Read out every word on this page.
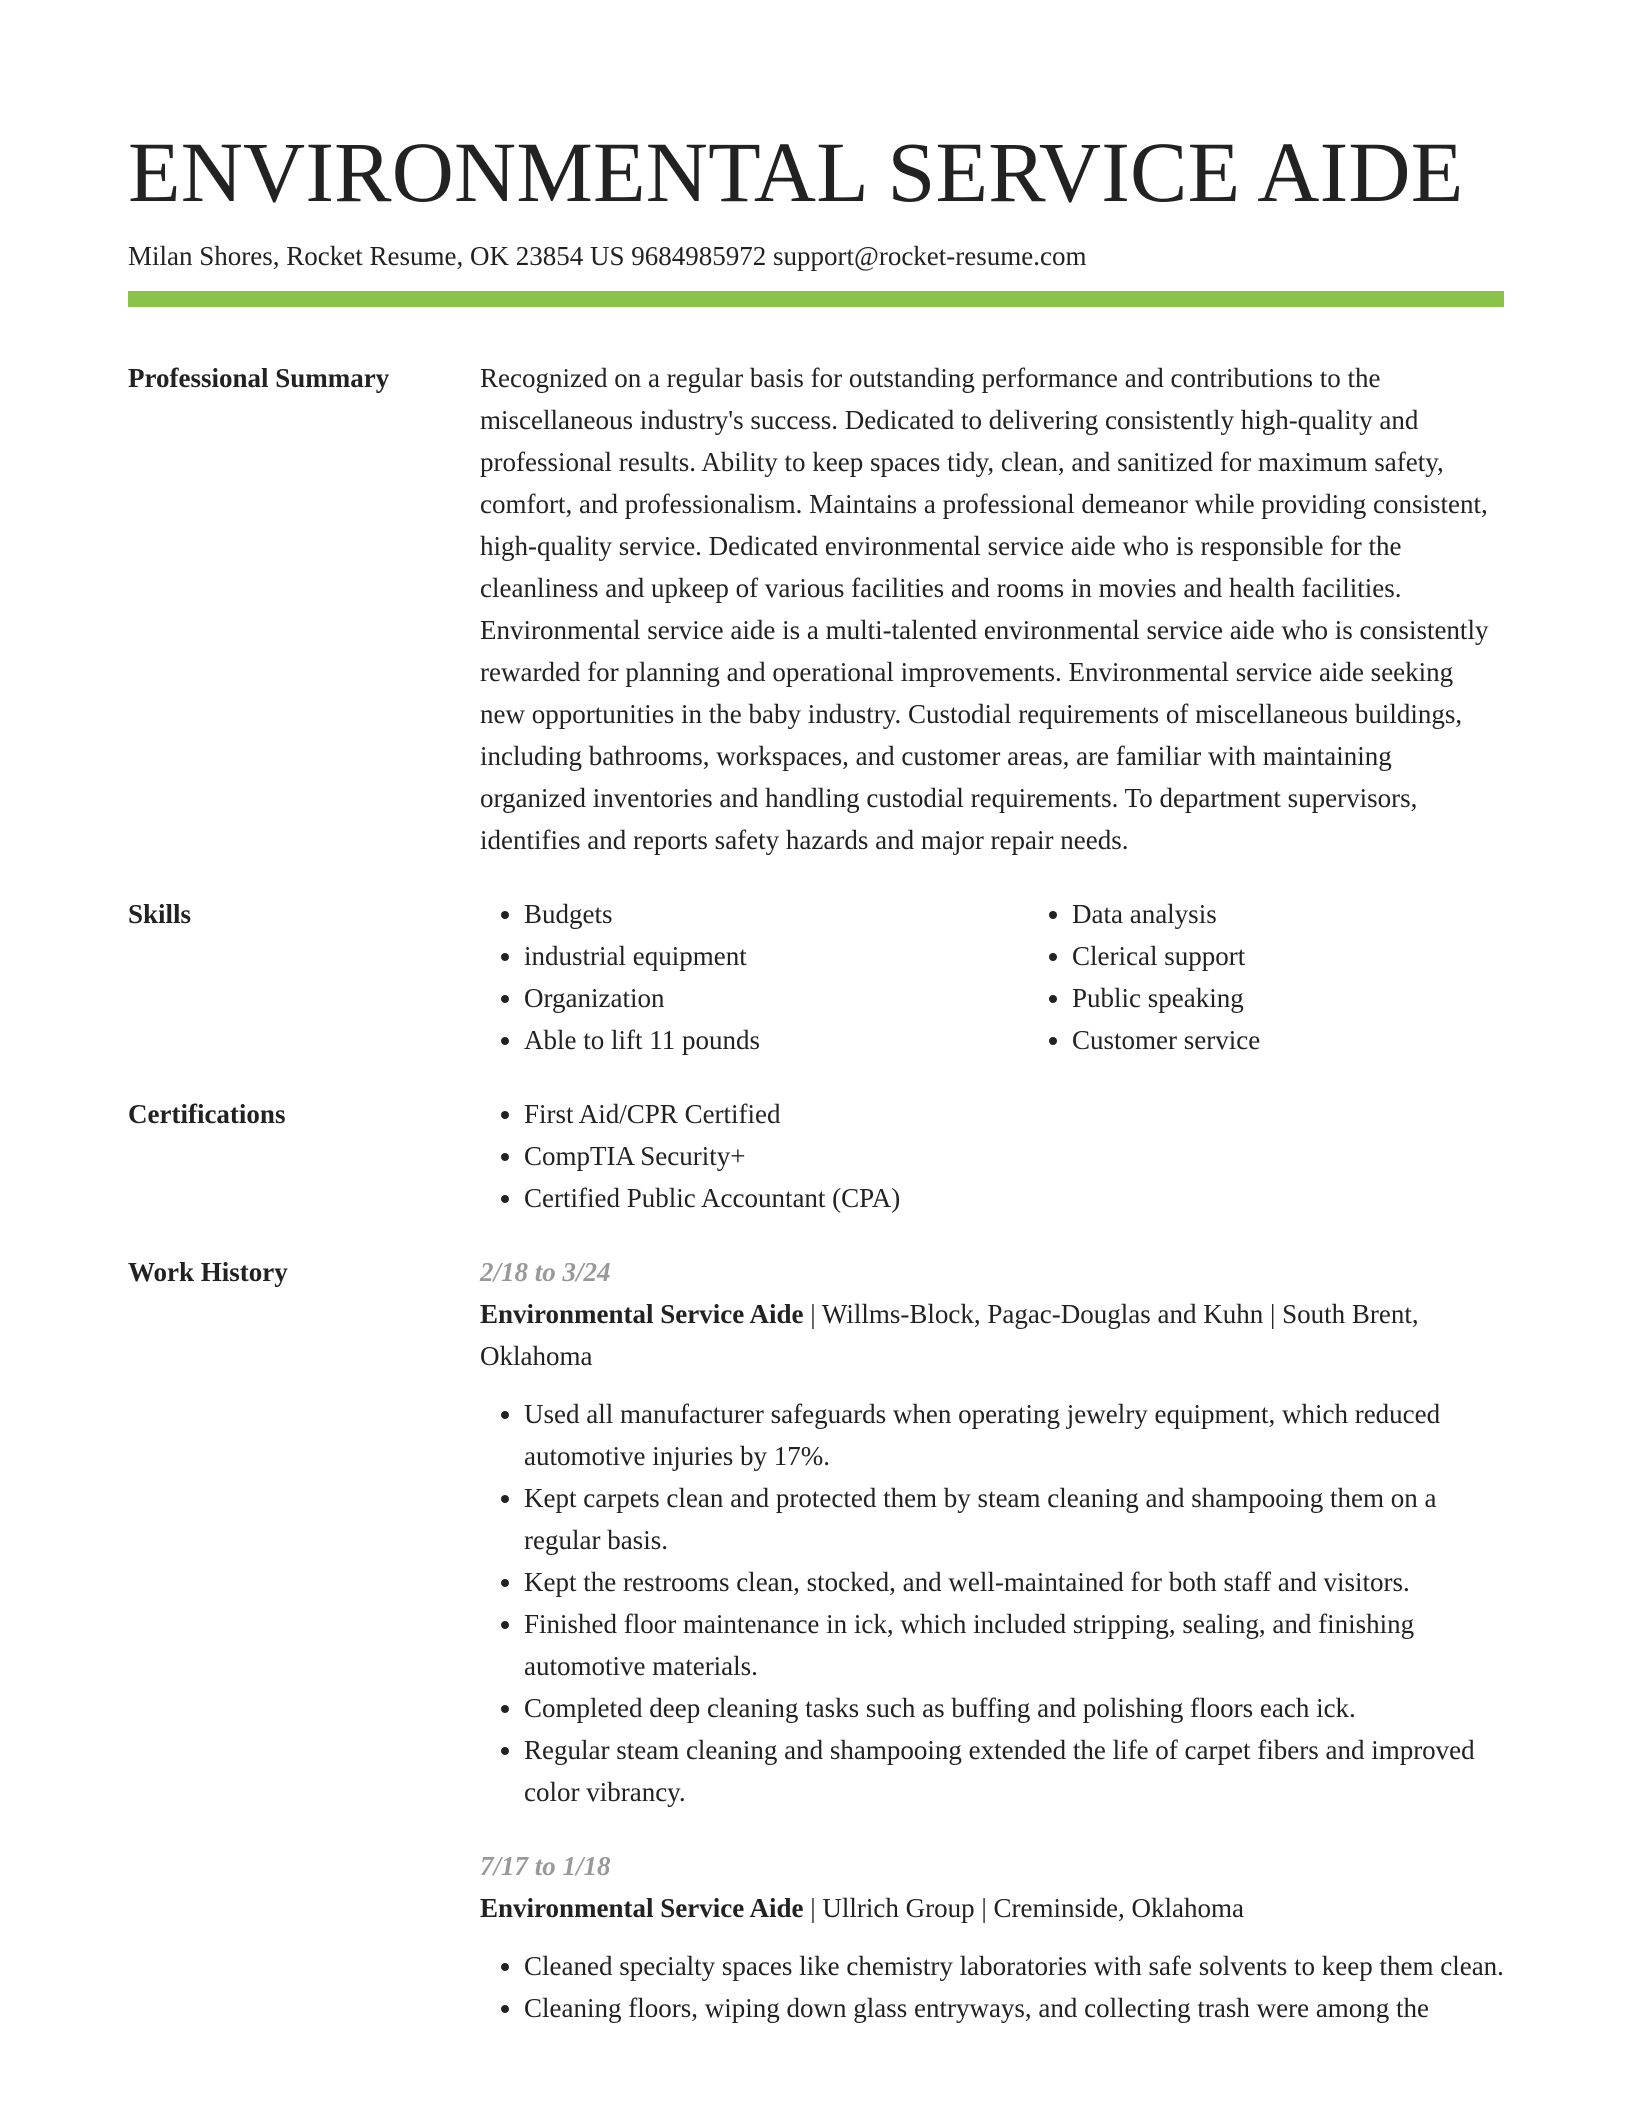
ENVIRONMENTAL SERVICE AIDE
Milan Shores, Rocket Resume, OK 23854 US 9684985972 support@rocket-resume.com
Professional Summary	Recognized on a regular basis for outstanding performance and contributions to the miscellaneous industry's success. Dedicated to delivering consistently high-quality and professional results. Ability to keep spaces tidy, clean, and sanitized for maximum safety, comfort, and professionalism. Maintains a professional demeanor while providing consistent, high-quality service. Dedicated environmental service aide who is responsible for the cleanliness and upkeep of various facilities and rooms in movies and health facilities. Environmental service aide is a multi-talented environmental service aide who is consistently rewarded for planning and operational improvements. Environmental service aide seeking new opportunities in the baby industry. Custodial requirements of miscellaneous buildings, including bathrooms, workspaces, and customer areas, are familiar with maintaining organized inventories and handling custodial requirements. To department supervisors, identifies and reports safety hazards and major repair needs.
Skills	• Budgets
• industrial equipment
• Organization
• Able to lift 11 pounds
• Data analysis
• Clerical support
• Public speaking
• Customer service
Certifications	• First Aid/CPR Certified
• CompTIA Security+
• Certified Public Accountant (CPA)
Work History	2/18 to 3/24
Environmental Service Aide | Willms-Block, Pagac-Douglas and Kuhn | South Brent, Oklahoma
• Used all manufacturer safeguards when operating jewelry equipment, which reduced automotive injuries by 17%.
• Kept carpets clean and protected them by steam cleaning and shampooing them on a regular basis.
• Kept the restrooms clean, stocked, and well-maintained for both staff and visitors.
• Finished floor maintenance in ick, which included stripping, sealing, and finishing automotive materials.
• Completed deep cleaning tasks such as buffing and polishing floors each ick.
• Regular steam cleaning and shampooing extended the life of carpet fibers and improved color vibrancy.
7/17 to 1/18
Environmental Service Aide | Ullrich Group | Creminside, Oklahoma
• Cleaned specialty spaces like chemistry laboratories with safe solvents to keep them clean.
• Cleaning floors, wiping down glass entryways, and collecting trash were among the
